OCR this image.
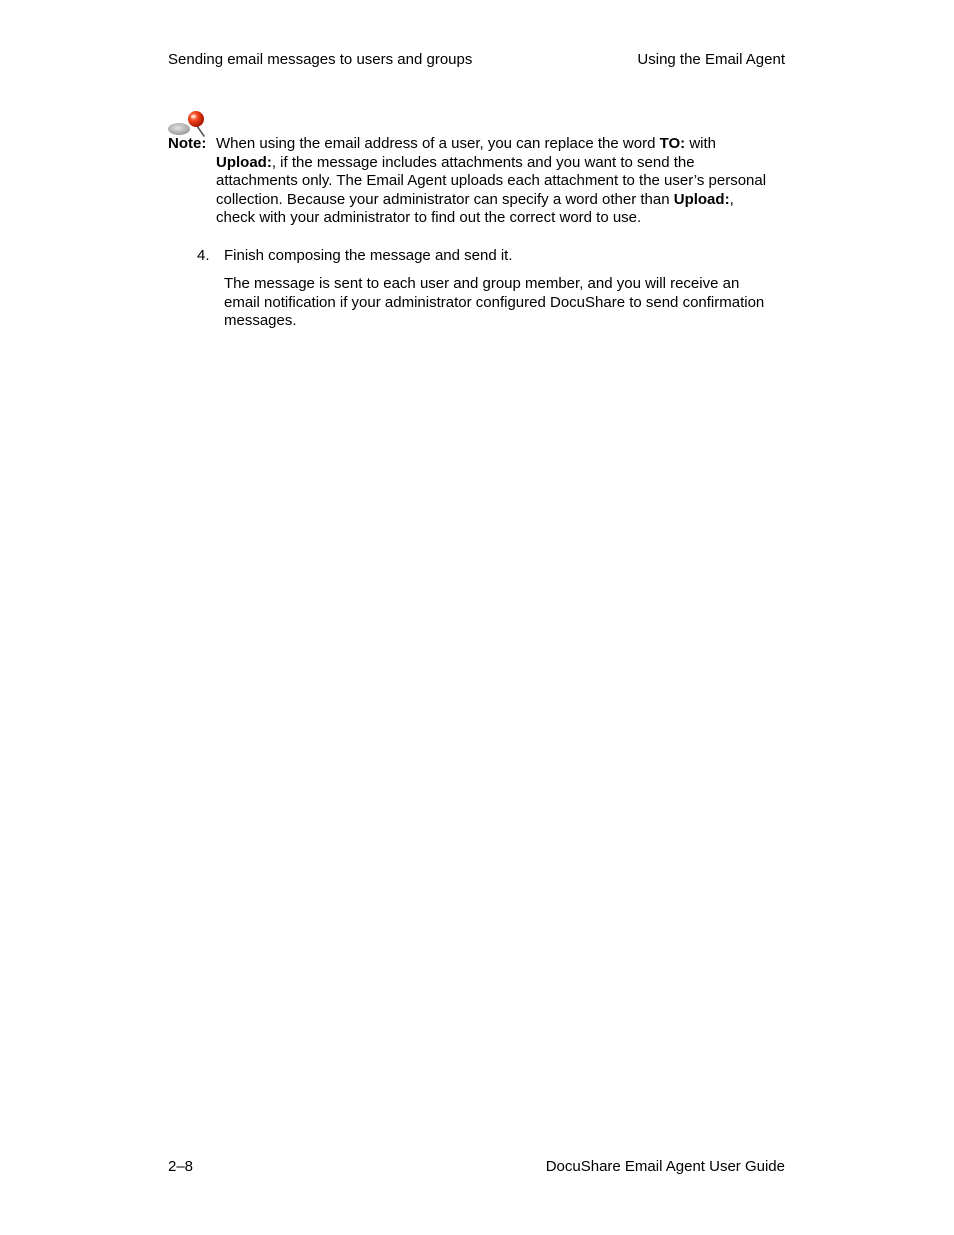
Sending email messages to users and groups	Using the Email Agent
Note: When using the email address of a user, you can replace the word TO: with
Upload:, if the message includes attachments and you want to send the
attachments only. The Email Agent uploads each attachment to the user’s personal
collection. Because your administrator can specify a word other than Upload:,
check with your administrator to find out the correct word to use.
4. Finish composing the message and send it.
The message is sent to each user and group member, and you will receive an
email notification if your administrator configured DocuShare to send confirmation
messages.
2–8	DocuShare Email Agent User Guide
